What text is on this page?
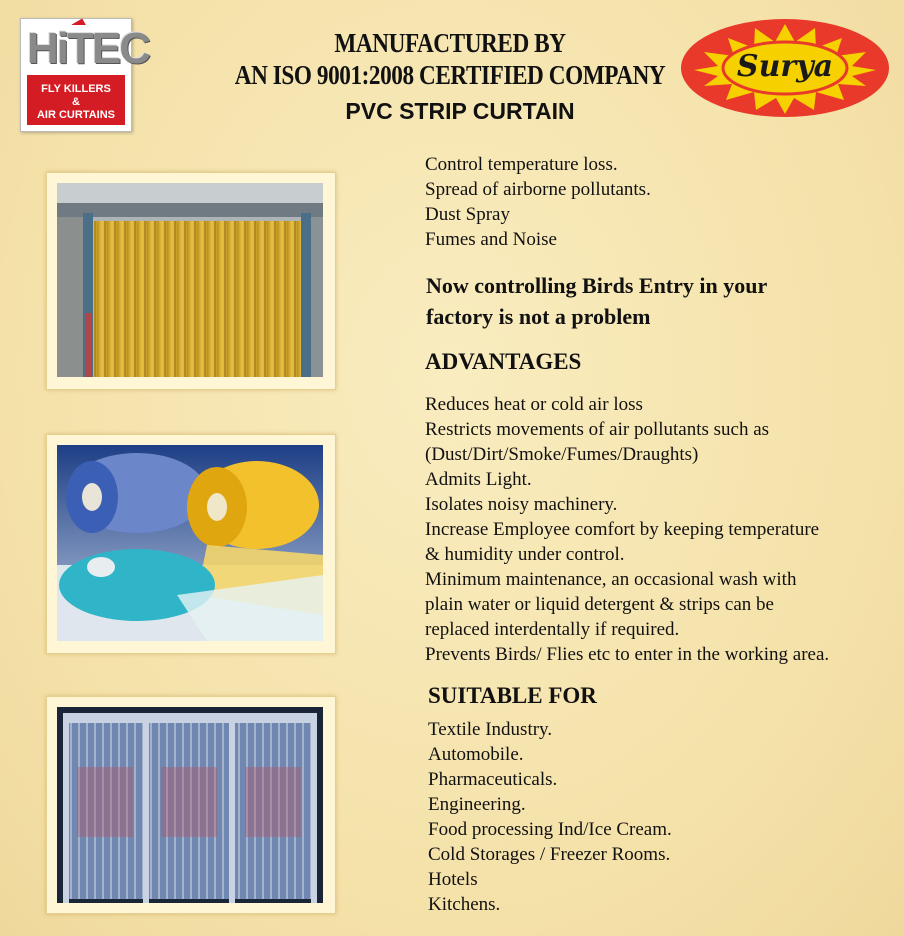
HiTEC
FLY KILLERS
&
AIR CURTAINS
Surya
MANUFACTURED BY
AN ISO 9001:2008 CERTIFIED COMPANY
PVC STRIP CURTAIN
Control temperature loss.
Spread of airborne pollutants.
Dust Spray
Fumes and Noise
Now controlling Birds Entry in your
factory is not a problem
ADVANTAGES
Reduces heat or cold air loss
Restricts movements of air pollutants such as
(Dust/Dirt/Smoke/Fumes/Draughts)
Admits Light.
Isolates noisy machinery.
Increase Employee comfort by keeping temperature
& humidity under control.
Minimum maintenance, an occasional wash with
plain water or liquid detergent & strips can be
replaced interdentally if required.
Prevents Birds/ Flies etc to enter in the working area.
SUITABLE FOR
Textile Industry.
Automobile.
Pharmaceuticals.
Engineering.
Food processing Ind/Ice Cream.
Cold Storages / Freezer Rooms.
Hotels
Kitchens.
